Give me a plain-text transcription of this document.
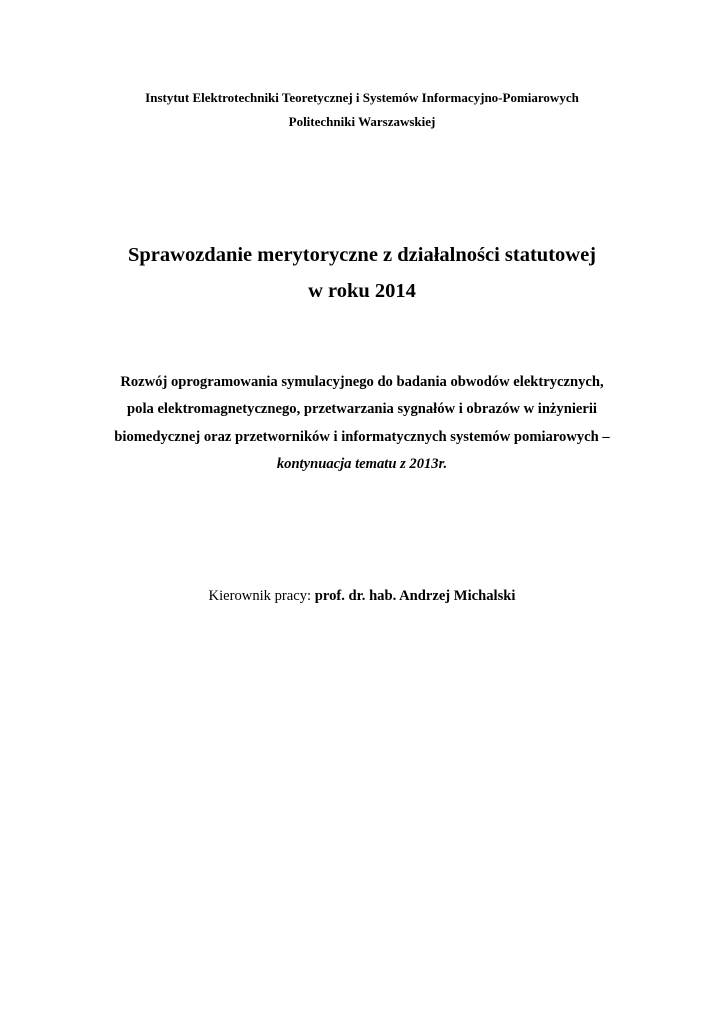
Instytut Elektrotechniki Teoretycznej i Systemów Informacyjno-Pomiarowych
Politechniki Warszawskiej
Sprawozdanie merytoryczne z działalności statutowej
w roku 2014
Rozwój oprogramowania symulacyjnego do badania obwodów elektrycznych,
pola elektromagnetycznego, przetwarzania sygnałów i obrazów w inżynierii
biomedycznej oraz przetworników i informatycznych systemów pomiarowych –
kontynuacja tematu z 2013r.
Kierownik pracy: prof. dr. hab. Andrzej Michalski
